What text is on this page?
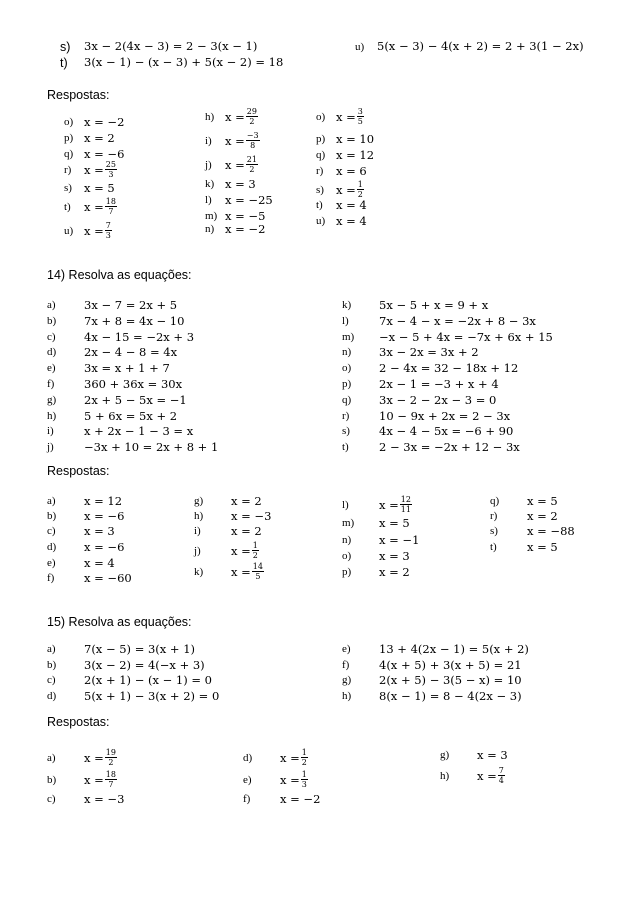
s) 3x − 2(4x − 3) = 2 − 3(x − 1)
t) 3(x − 1) − (x − 3) + 5(x − 2) = 18
u) 5(x − 3) − 4(x + 2) = 2 + 3(1 − 2x)
Respostas:
o) x = −2
p) x = 2
q) x = −6
r)	$x = \frac{25}{3}$
s)	x = 5
t)	$x = \frac{18}{7}$
u) $x = \frac{7}{3}$
h) $x = \frac{29}{2}$
i)	$x = \frac{-3}{8}$
j)	$x = \frac{21}{2}$
k) x = 3
l)	x = −25
m) x = −5
n) x = −2
o) $x = \frac{3}{5}$
p) x = 10
q) x = 12
r)	x = 6
s)	$x = \frac{1}{2}$
t)	x = 4
u) x = 4
14) Resolva as equações:
a) 3x − 7 = 2x + 5
b) 7x + 8 = 4x − 10
c) 4x − 15 = −2x + 3
d) 2x − 4 − 8 = 4x
e) 3x = x + 1 + 7
f)	360 + 36x = 30x
g) 2x + 5 − 5x = −1
h) 5 + 6x = 5x + 2
i)	x + 2x − 1 − 3 = x
j)	−3x + 10 = 2x + 8 + 1
k) 5x − 5 + x = 9 + x
l)	7x − 4 − x = −2x + 8 − 3x
m) −x − 5 + 4x = −7x + 6x + 15
n) 3x − 2x = 3x + 2
o) 2 − 4x = 32 − 18x + 12
p) 2x − 1 = −3 + x + 4
q) 3x − 2 − 2x − 3 = 0
r)	10 − 9x + 2x = 2 − 3x
s)	4x − 4 − 5x = −6 + 90
t)	2 − 3x = −2x + 12 − 3x
Respostas:
a)	x = 12
b)	x = −6
c)	x = 3
d)	x = −6
e)	x = 4
f)	x = −60
g)	x = 2
h)	x = −3
i)	x = 2
j)	$x = \frac{1}{2}$
k)	$x = \frac{14}{5}$
l)	$x = \frac{12}{11}$
m)	x = 5
n)	x = −1
o)	x = 3
p)	x = 2
q)	x = 5
r)	x = 2
s)	x = −88
t)	x = 5
15) Resolva as equações:
a) 7(x − 5) = 3(x + 1)
b) 3(x − 2) = 4(−x + 3)
c) 2(x + 1) − (x − 1) = 0
d) 5(x + 1) − 3(x + 2) = 0
e) 13 + 4(2x − 1) = 5(x + 2)
f)	4(x + 5) + 3(x + 5) = 21
g) 2(x + 5) − 3(5 − x) = 10
h) 8(x − 1) = 8 − 4(2x − 3)
Respostas:
a)	$x = \frac{19}{2}$
b)	$x = \frac{18}{7}$
c)	x = −3
d)	$x = \frac{1}{2}$
e)	$x = \frac{1}{3}$
f)	x = −2
g)	x = 3
h)	$x = \frac{7}{4}$
